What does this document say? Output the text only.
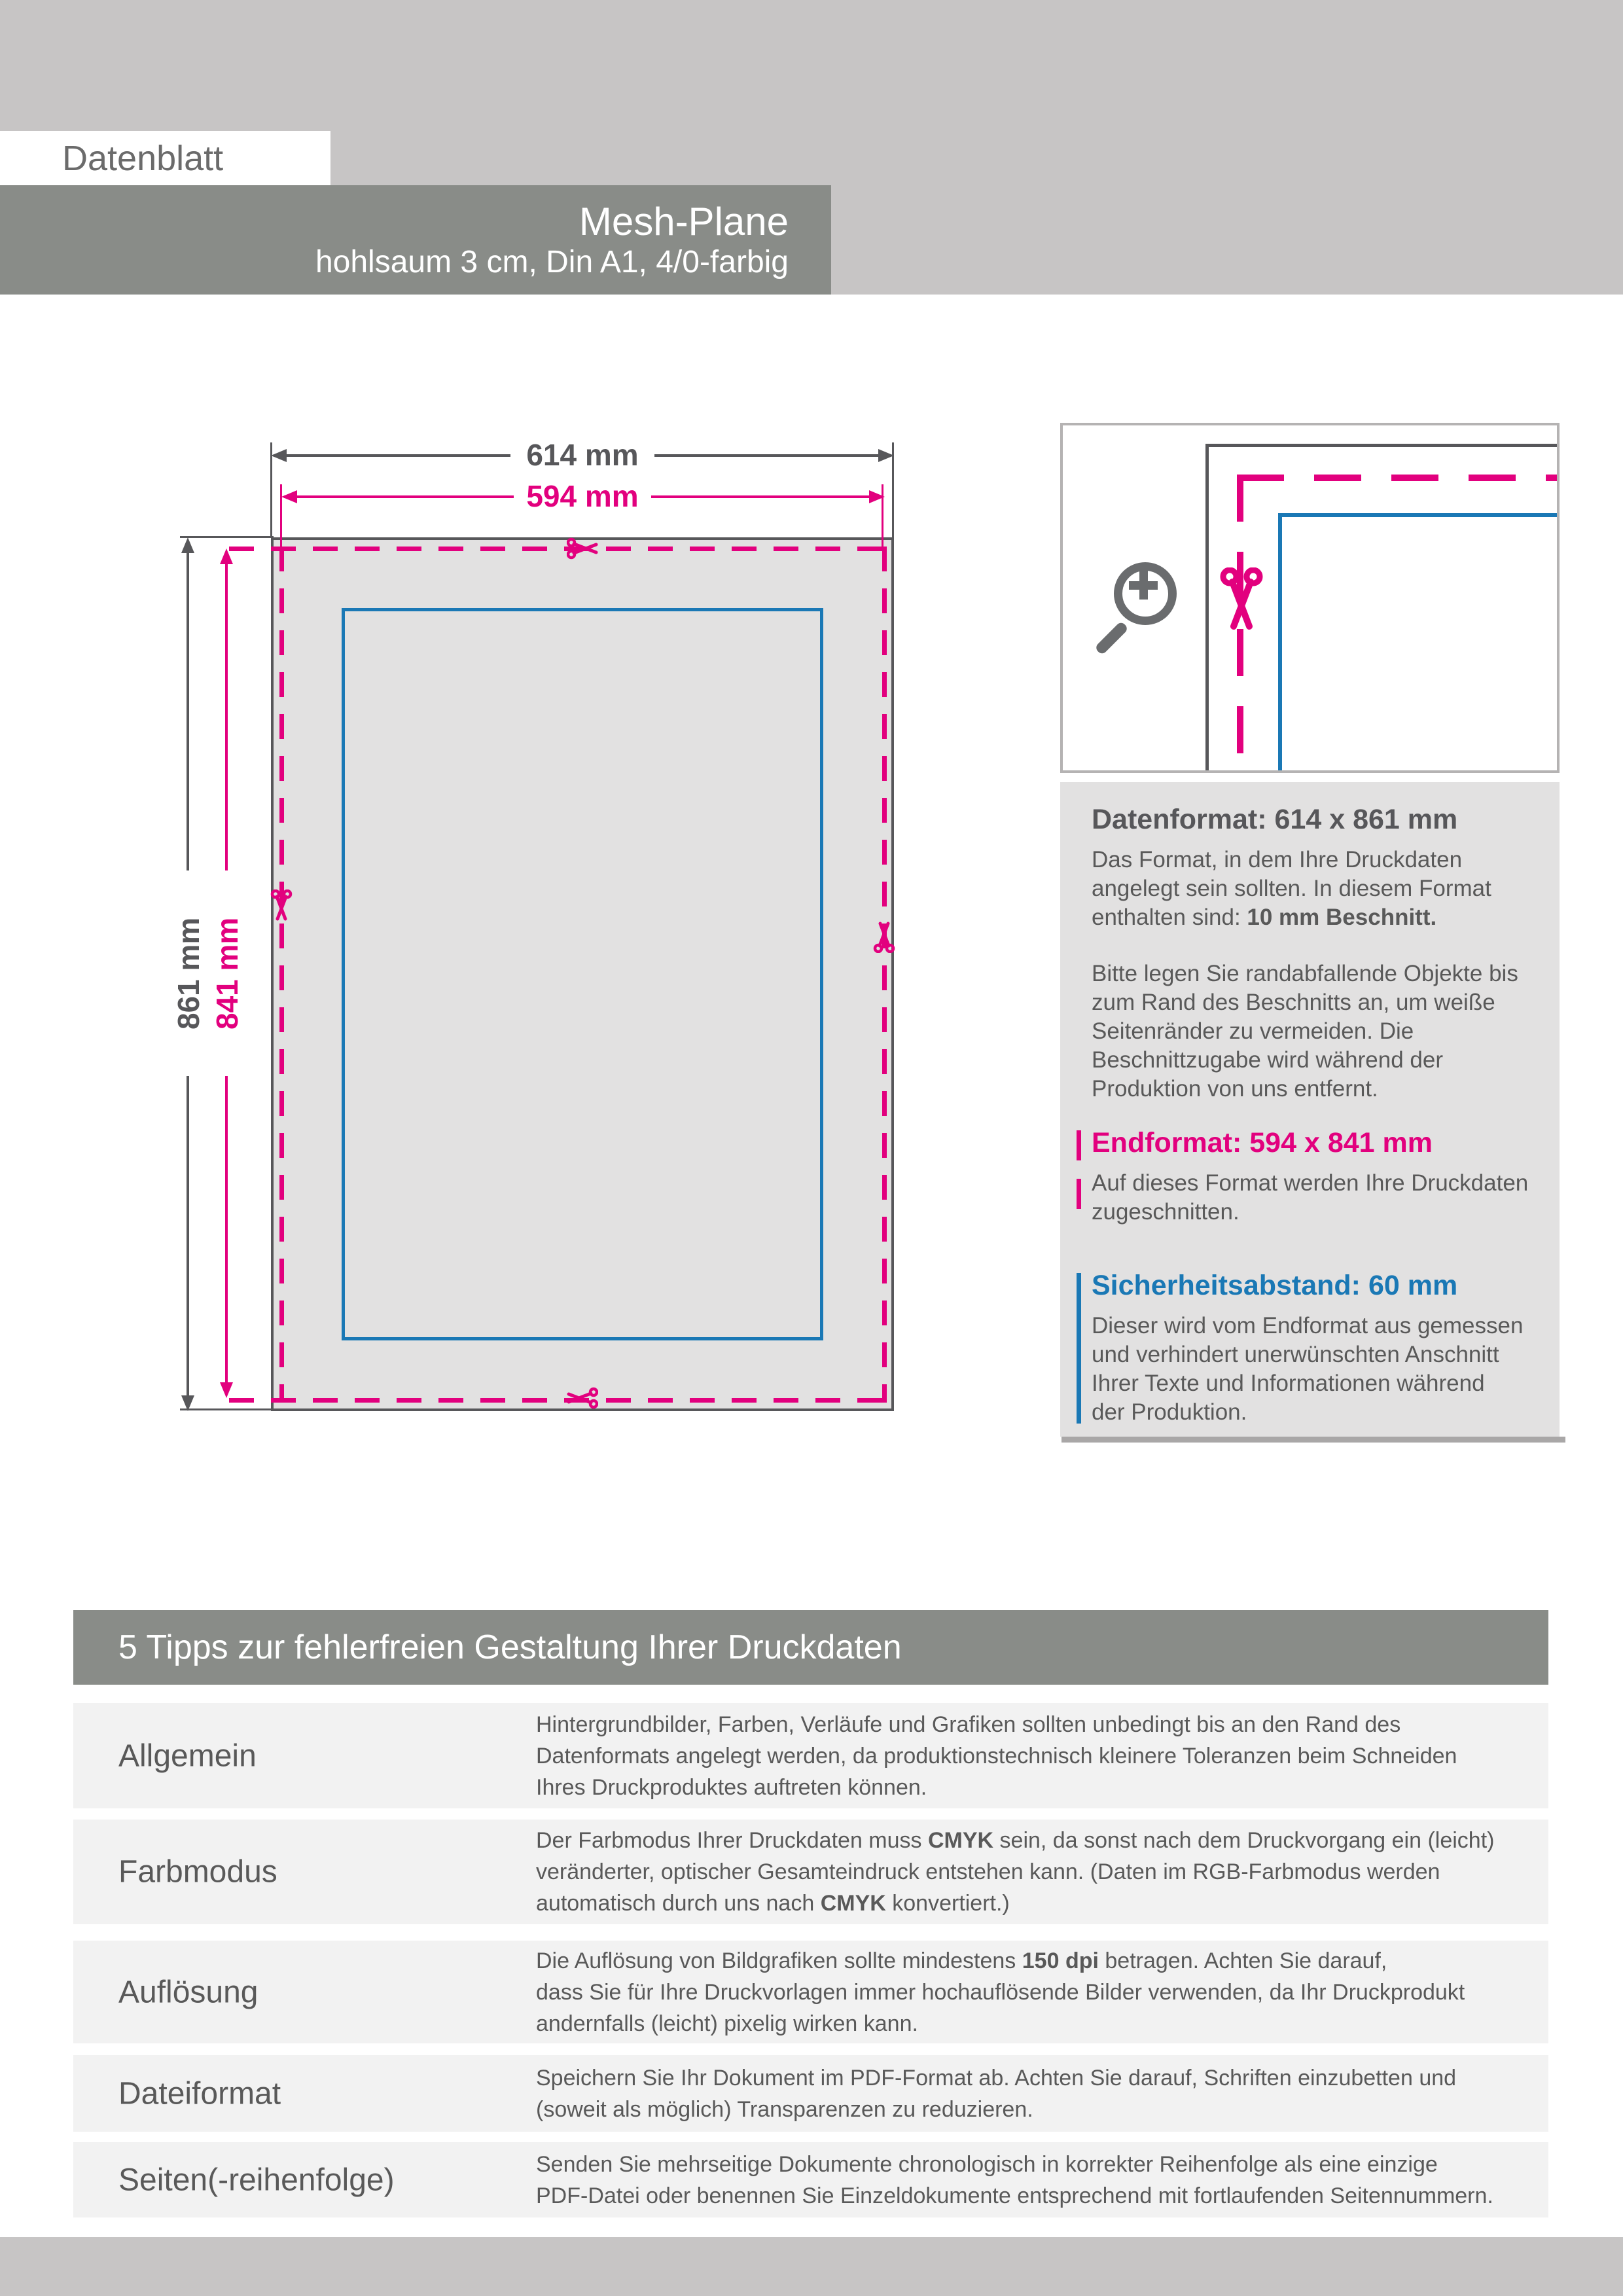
Mesh-Plane
hohlsaum 3 cm, Din A1, 4/0-farbig
Datenblatt
614 mm
594 mm
861 mm 841 mm
Datenformat: 614 x 861 mm
Das Format, in dem Ihre Druckdaten
angelegt sein sollten. In diesem Format
enthalten sind: 10 mm Beschnitt.
Bitte legen Sie randabfallende Objekte bis
zum Rand des Beschnitts an, um weiße
Seitenränder zu vermeiden. Die
Beschnittzugabe wird während der
Produktion von uns entfernt.
Endformat: 594 x 841 mm
Auf dieses Format werden Ihre Druckdaten
zugeschnitten.
Sicherheitsabstand: 60 mm
Dieser wird vom Endformat aus gemessen
und verhindert unerwünschten Anschnitt
Ihrer Texte und Informationen während
der Produktion.
5 Tipps zur fehlerfreien Gestaltung Ihrer Druckdaten
Allgemein
Hintergrundbilder, Farben, Verläufe und Grafiken sollten unbedingt bis an den Rand des
Datenformats angelegt werden, da produktionstechnisch kleinere Toleranzen beim Schneiden
Ihres Druckproduktes auftreten können.
Farbmodus
Der Farbmodus Ihrer Druckdaten muss CMYK sein, da sonst nach dem Druckvorgang ein (leicht)
veränderter, optischer Gesamteindruck entstehen kann. (Daten im RGB-Farbmodus werden
automatisch durch uns nach CMYK konvertiert.)
Auflösung
Die Auflösung von Bildgrafiken sollte mindestens 150 dpi betragen. Achten Sie darauf,
dass Sie für Ihre Druckvorlagen immer hochauflösende Bilder verwenden, da Ihr Druckprodukt
andernfalls (leicht) pixelig wirken kann.
Dateiformat	Speichern Sie Ihr Dokument im PDF-Format ab. Achten Sie darauf, Schriften einzubetten und
(soweit als möglich) Transparenzen zu reduzieren.
Seiten(-reihenfolge)	Senden Sie mehrseitige Dokumente chronologisch in korrekter Reihenfolge als eine einzige
PDF-Datei oder benennen Sie Einzeldokumente entsprechend mit fortlaufenden Seitennummern.
